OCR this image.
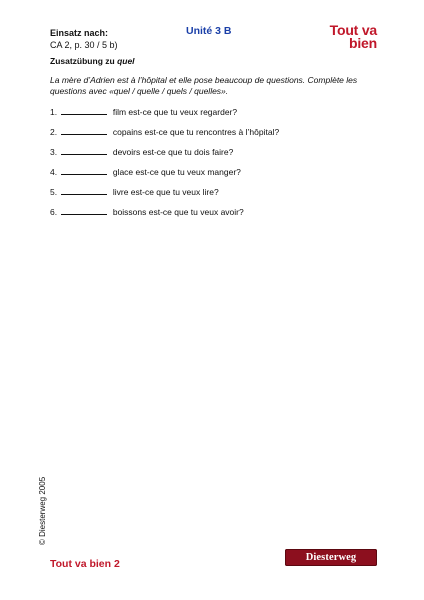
Einsatz nach:
CA 2, p. 30 / 5 b)
Unité 3 B	Tout va
bien
Zusatzübung zu quel
La mère d’Adrien est à l’hôpital et elle pose beaucoup de questions. Complète les questions avec «quel / quelle / quels / quelles».
1.	film est-ce que tu veux regarder?
2.	copains est-ce que tu rencontres à l’hôpital?
3.	devoirs est-ce que tu dois faire?
4.	glace est-ce que tu veux manger?
5.	livre est-ce que tu veux lire?
6.	boissons est-ce que tu veux avoir?
© Diesterweg 2005
Tout va bien 2
Diesterweg
